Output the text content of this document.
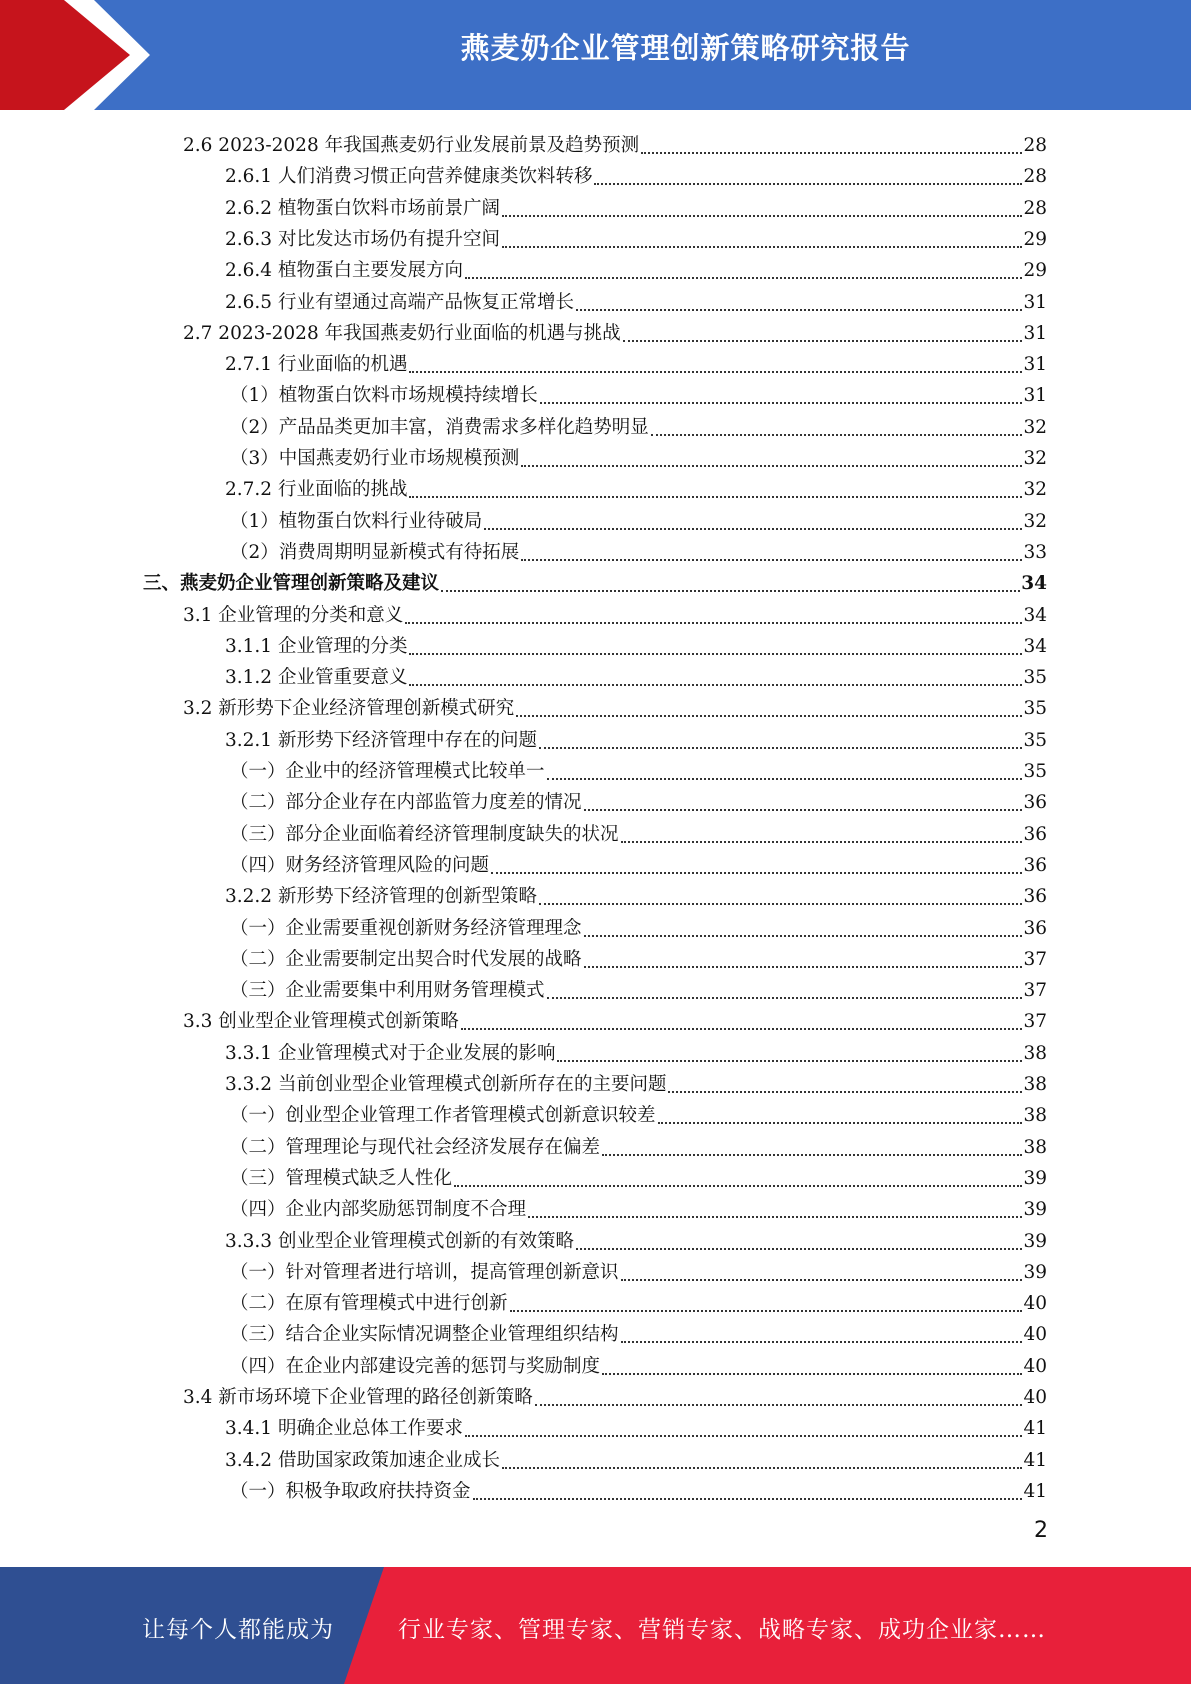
燕麦奶企业管理创新策略研究报告
2.6 2023-2028 年我国燕麦奶行业发展前景及趋势预测	28
2.6.1 人们消费习惯正向营养健康类饮料转移	28
2.6.2 植物蛋白饮料市场前景广阔	28
2.6.3 对比发达市场仍有提升空间	29
2.6.4 植物蛋白主要发展方向	29
2.6.5 行业有望通过高端产品恢复正常增长	31
2.7 2023-2028 年我国燕麦奶行业面临的机遇与挑战	31
2.7.1 行业面临的机遇	31
（1）植物蛋白饮料市场规模持续增长	31
（2）产品品类更加丰富，消费需求多样化趋势明显	32
（3）中国燕麦奶行业市场规模预测	32
2.7.2 行业面临的挑战	32
（1）植物蛋白饮料行业待破局	32
（2）消费周期明显新模式有待拓展	33
三、燕麦奶企业管理创新策略及建议	34
3.1 企业管理的分类和意义	34
3.1.1 企业管理的分类	34
3.1.2 企业管重要意义	35
3.2 新形势下企业经济管理创新模式研究	35
3.2.1 新形势下经济管理中存在的问题	35
（一）企业中的经济管理模式比较单一	35
（二）部分企业存在内部监管力度差的情况	36
（三）部分企业面临着经济管理制度缺失的状况	36
（四）财务经济管理风险的问题	36
3.2.2 新形势下经济管理的创新型策略	36
（一）企业需要重视创新财务经济管理理念	36
（二）企业需要制定出契合时代发展的战略	37
（三）企业需要集中利用财务管理模式	37
3.3 创业型企业管理模式创新策略	37
3.3.1 企业管理模式对于企业发展的影响	38
3.3.2 当前创业型企业管理模式创新所存在的主要问题	38
（一）创业型企业管理工作者管理模式创新意识较差	38
（二）管理理论与现代社会经济发展存在偏差	38
（三）管理模式缺乏人性化	39
（四）企业内部奖励惩罚制度不合理	39
3.3.3 创业型企业管理模式创新的有效策略	39
（一）针对管理者进行培训，提高管理创新意识	39
（二）在原有管理模式中进行创新	40
（三）结合企业实际情况调整企业管理组织结构	40
（四）在企业内部建设完善的惩罚与奖励制度	40
3.4 新市场环境下企业管理的路径创新策略	40
3.4.1 明确企业总体工作要求	41
3.4.2 借助国家政策加速企业成长	41
（一）积极争取政府扶持资金	41
2
让每个人都能成为	行业专家、管理专家、营销专家、战略专家、成功企业家……
